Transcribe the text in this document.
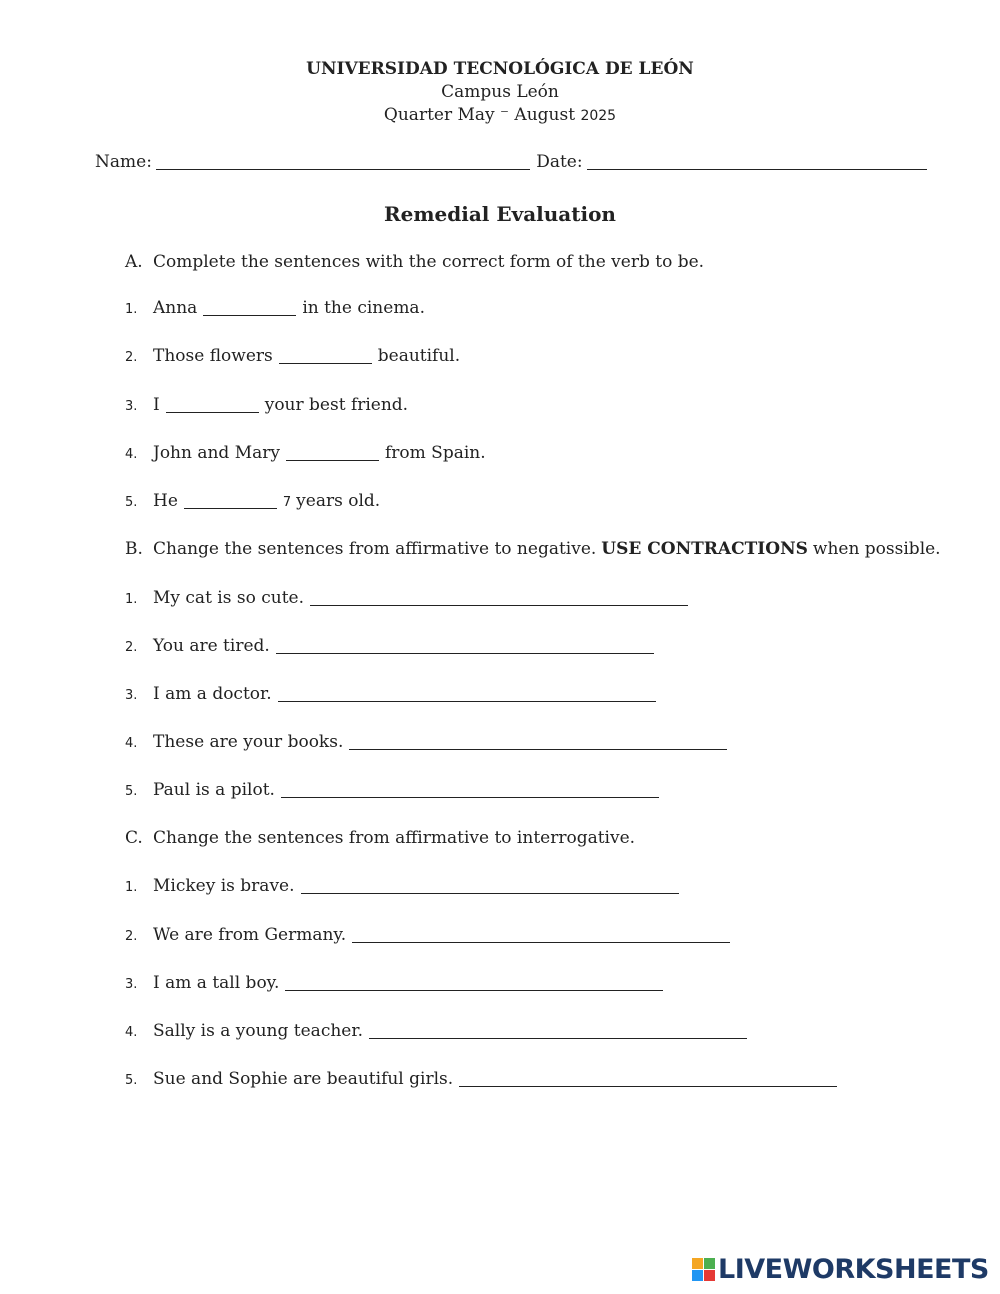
UNIVERSIDAD TECNOLÓGICA DE LEÓN
Campus León
Quarter May ⁻ August 2025
Name:	Date:
Remedial Evaluation
A. Complete the sentences with the correct form of the verb to be.
1. Anna	in the cinema.
2. Those flowers	beautiful.
3. I	your best friend.
4. John and Mary	from Spain.
5. He	7 years old.
B. Change the sentences from affirmative to negative. USE CONTRACTIONS when possible.
1. My cat is so cute.
2. You are tired.
3. I am a doctor.
4. These are your books.
5. Paul is a pilot.
C. Change the sentences from affirmative to interrogative.
1. Mickey is brave.
2. We are from Germany.
3. I am a tall boy.
4. Sally is a young teacher.
5. Sue and Sophie are beautiful girls.
LIVEWORKSHEETS
